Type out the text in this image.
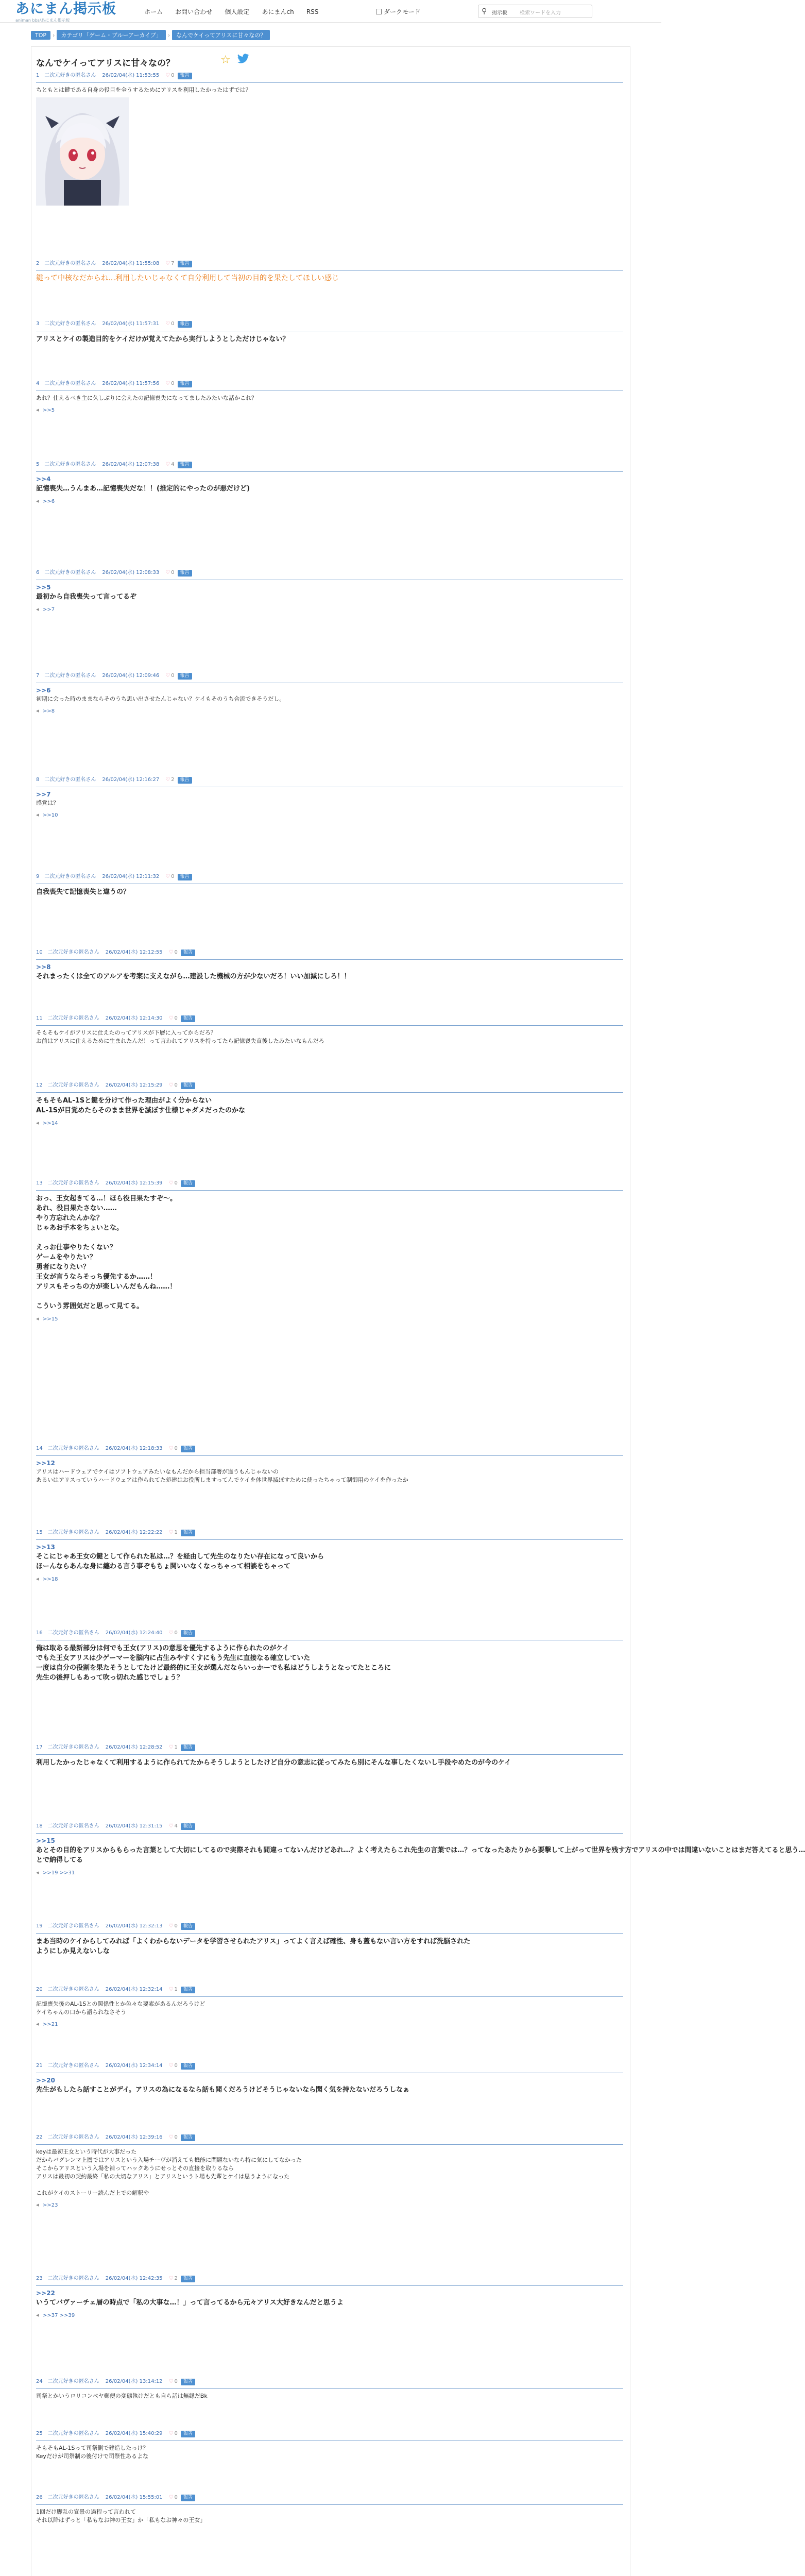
あにまん掲示板
animan bbs/あにまん掲示板
ホーム お問い合わせ 個人設定 あにまんch RSS	ダークモード	⚲ 掲示板 検索ワードを入力
TOP › カテゴリ「ゲーム・ブルーアーカイブ」 › なんでケイってアリスに甘々なの？
なんでケイってアリスに甘々なの？	☆
1 二次元好きの匿名さん 26/02/04(水) 11:53:55 ♡ 0 報告
ちともとは鍵である自身の役目を全うするためにアリスを利用したかったはずでは？
2 二次元好きの匿名さん 26/02/04(水) 11:55:08 ♡ 7 報告
鍵って中核なだからね…利用したいじゃなくて自分利用して当初の目的を果たしてほしい感じ
3 二次元好きの匿名さん 26/02/04(水) 11:57:31 ♡ 0 報告
アリスとケイの製造目的をケイだけが覚えてたから実行しようとしただけじゃない？
4 二次元好きの匿名さん 26/02/04(水) 11:57:56 ♡ 0 報告
あれ？仕えるべき主に久しぶりに会えたの記憶喪失になってましたみたいな話かこれ？
◂ >>5
5 二次元好きの匿名さん 26/02/04(水) 12:07:38 ♡ 4 報告
>>4
記憶喪失…うんまあ…記憶喪失だな！！(推定的にやったのが悪だけど)
◂ >>6
6 二次元好きの匿名さん 26/02/04(水) 12:08:33 ♡ 0 報告
>>5
最初から自我喪失って言ってるぞ
◂ >>7
7 二次元好きの匿名さん 26/02/04(水) 12:09:46 ♡ 0 報告
>>6
初期に会った時のままならそのうち思い出させたんじゃない？ケイもそのうち合流できそうだし。
◂ >>8
8 二次元好きの匿名さん 26/02/04(水) 12:16:27 ♡ 2 報告
>>7
感覚は？
◂ >>10
9 二次元好きの匿名さん 26/02/04(水) 12:11:32 ♡ 0 報告
自我喪失て記憶喪失と違うの？
10 二次元好きの匿名さん 26/02/04(水) 12:12:55 ♡ 0 報告
>>8
それまったくは全てのアルアを考案に支えながら…建設した機械の方が少ないだろ！いい加減にしろ！！
11 二次元好きの匿名さん 26/02/04(水) 12:14:30 ♡ 0 報告
そもそもケイがアリスに仕えたのってアリスが下層に入ってからだろ？
お前はアリスに仕えるために生まれたんだ！って言われてアリスを持ってたら記憶喪失直後したみたいなもんだろ
12 二次元好きの匿名さん 26/02/04(水) 12:15:29 ♡ 0 報告
そもそもAL-1Sと鍵を分けて作った理由がよく分からない
AL-1Sが目覚めたらそのまま世界を滅ぼす仕様じゃダメだったのかな
◂ >>14
13 二次元好きの匿名さん 26/02/04(水) 12:15:39 ♡ 0 報告
おっ、王女起きてる…！ほら役目果たすぞ～。
あれ、役目果たさない……
やり方忘れたんかな？
じゃあお手本をちょいとな。

えっお仕事やりたくない？
ゲームをやりたい？
勇者になりたい？
王女が言うならそっち優先するか……！
アリスもそっちの方が楽しいんだもんね……！

こういう雰囲気だと思って見てる。
◂ >>15
14 二次元好きの匿名さん 26/02/04(水) 12:18:33 ♡ 0 報告
>>12
アリスはハードウェアでケイはソフトウェアみたいなもんだから担当部署が違うもんじゃないの
あるいはアリスっていうハードウェアは作られてた処建はお役所しますってんでケイを体世界滅ぼすために使ったちゃって制御用のケイを作ったか
15 二次元好きの匿名さん 26/02/04(水) 12:22:22 ♡ 1 報告
>>13
そこにじゃあ王女の鍵として作られた私は…？を経由して先生のなりたい存在になって良いから
ほーんならあんな身に纏わる言う事ぞもちょ関いいなくなっちゃって相談をちゃって
◂ >>18
16 二次元好きの匿名さん 26/02/04(水) 12:24:40 ♡ 0 報告
俺は取ある最新部分は何でも王女(アリス)の意思を優先するように作られたのがケイ
でもた王女アリスは少ゲーマーを脳内に占生みやすくすにもう先生に直接なる確立していた
一度は自分の役割を果たそうとしてたけど最終的に王女が選んだならいっかーでも私はどうしようとなってたところに
先生の後押しもあって吹っ切れた感じでしょう？
17 二次元好きの匿名さん 26/02/04(水) 12:28:52 ♡ 1 報告
利用したかったじゃなくて利用するように作られてたからそうしようとしたけど自分の意志に従ってみたら別にそんな事したくないし手段やめたのが今のケイ
18 二次元好きの匿名さん 26/02/04(水) 12:31:15 ♡ 4 報告
>>15
あとその目的をアリスからもらった言葉として大切にしてるので実際それも間違ってないんだけどあれ…？よく考えたらこれ先生の言葉では…？ってなったあたりから要撃して上がって世界を残す方でアリスの中では間違いないことはまだ答えてると思う…
とで納得してる
◂ >>19 >>31
19 二次元好きの匿名さん 26/02/04(水) 12:32:13 ♡ 0 報告
まあ当時のケイからしてみれば「よくわからないデータを学習させられたアリス」ってよく言えば確性、身も蓋もない言い方をすれば洗脳された
ようにしか見えないしな
20 二次元好きの匿名さん 26/02/04(水) 12:32:14 ♡ 1 報告
記憶喪失後のAL-1Sとの関係性とか色々な要素があるんだろうけど
ケイちゃんの口から語られなさそう
◂ >>21
21 二次元好きの匿名さん 26/02/04(水) 12:34:14 ♡ 0 報告
>>20
先生がもしたら話すことがデイ。アリスの為になるなら話も聞くだろうけどそうじゃないなら聞く気を持たないだろうしなぁ
22 二次元好きの匿名さん 26/02/04(水) 12:39:16 ♡ 0 報告
keyは最初王女という時代が大事だった
だからバグレンマ上層ではアリスという入場チーヴが消えても機能に問題ないなら特に気にしてなかった
そこからアリスという入場を補ってハックあうにせっとその直接を取りるなら
アリスは最初の契約最終「私の大切なアリス」とアリスというト場も先輩とケイは思うようになった

これがケイのストーリー読んだ上での解釈や
◂ >>23
23 二次元好きの匿名さん 26/02/04(水) 12:42:35 ♡ 2 報告
>>22
いうてバヴァーチェ層の時点で「私の大事な…！」って言ってるから元々アリス大好きなんだと思うよ
◂ >>37 >>39
24 二次元好きの匿名さん 26/02/04(水) 13:14:12 ♡ 0 報告
司祭とかいうロリコンベヤ郵便の変態執けだとも自ら話は無縁だBk
25 二次元好きの匿名さん 26/02/04(水) 15:40:29 ♡ 0 報告
そもそもAL-1Sって司祭側で建造したっけ？
Keyだけが司祭制の後付けで司祭性あるよな
26 二次元好きの匿名さん 26/02/04(水) 15:55:01 ♡ 0 報告
1回だけ脚乱の宣景の過程って言われて
それ以降はずっと「私もなお神の王女」か「私もなお神々の王女」
